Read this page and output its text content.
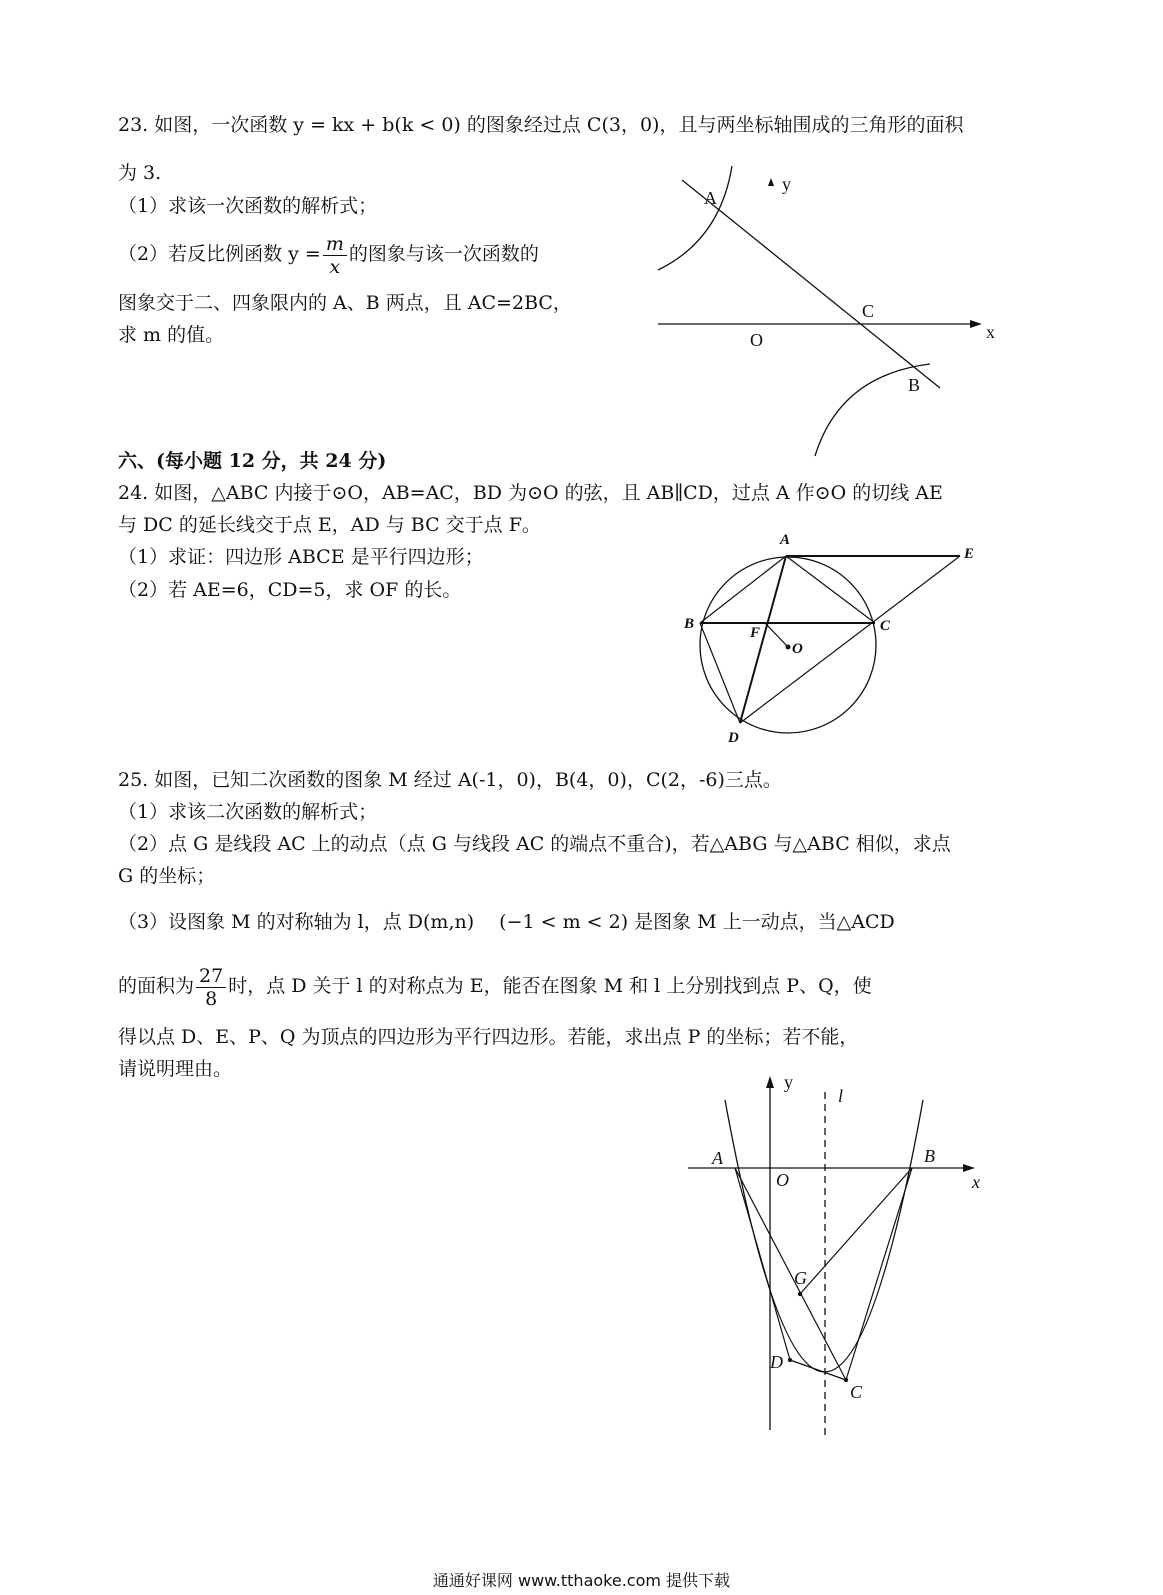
23. 如图，一次函数 y = kx + b(k < 0) 的图象经过点 C(3，0)，且与两坐标轴围成的三角形的面积
为 3.
（1）求该一次函数的解析式；
（2）若反比例函数 $y = \frac{m}{x}$ 的图象与该一次函数的
图象交于二、四象限内的 A、B 两点，且 AC=2BC，
求 m 的值。
A
y
C
O	x
B
六、(每小题 12 分，共 24 分)
24. 如图，△ABC 内接于⊙O，AB=AC，BD 为⊙O 的弦，且 AB∥CD，过点 A 作⊙O 的切线 AE
与 DC 的延长线交于点 E，AD 与 BC 交于点 F。
（1）求证：四边形 ABCE 是平行四边形；
（2）若 AE=6，CD=5，求 OF 的长。
A
E
B
F	C
O
D
25. 如图，已知二次函数的图象 M 经过 A(-1，0)，B(4，0)，C(2，-6)三点。
（1）求该二次函数的解析式；
（2）点 G 是线段 AC 上的动点（点 G 与线段 AC 的端点不重合)，若△ABG 与△ABC 相似，求点
G 的坐标；
（3）设图象 M 的对称轴为 l，点 D(m,n)　 (−1 < m < 2) 是图象 M 上一动点，当△ACD
的面积为 $\frac{27}{8}$ 时，点 D 关于 l 的对称点为 E，能否在图象 M 和 l 上分别找到点 P、Q，使
得以点 D、E、P、Q 为顶点的四边形为平行四边形。若能，求出点 P 的坐标；若不能，
请说明理由。
y
l
A
O
B
x
G
D
C
通通好课网 www.tthaoke.com 提供下载
